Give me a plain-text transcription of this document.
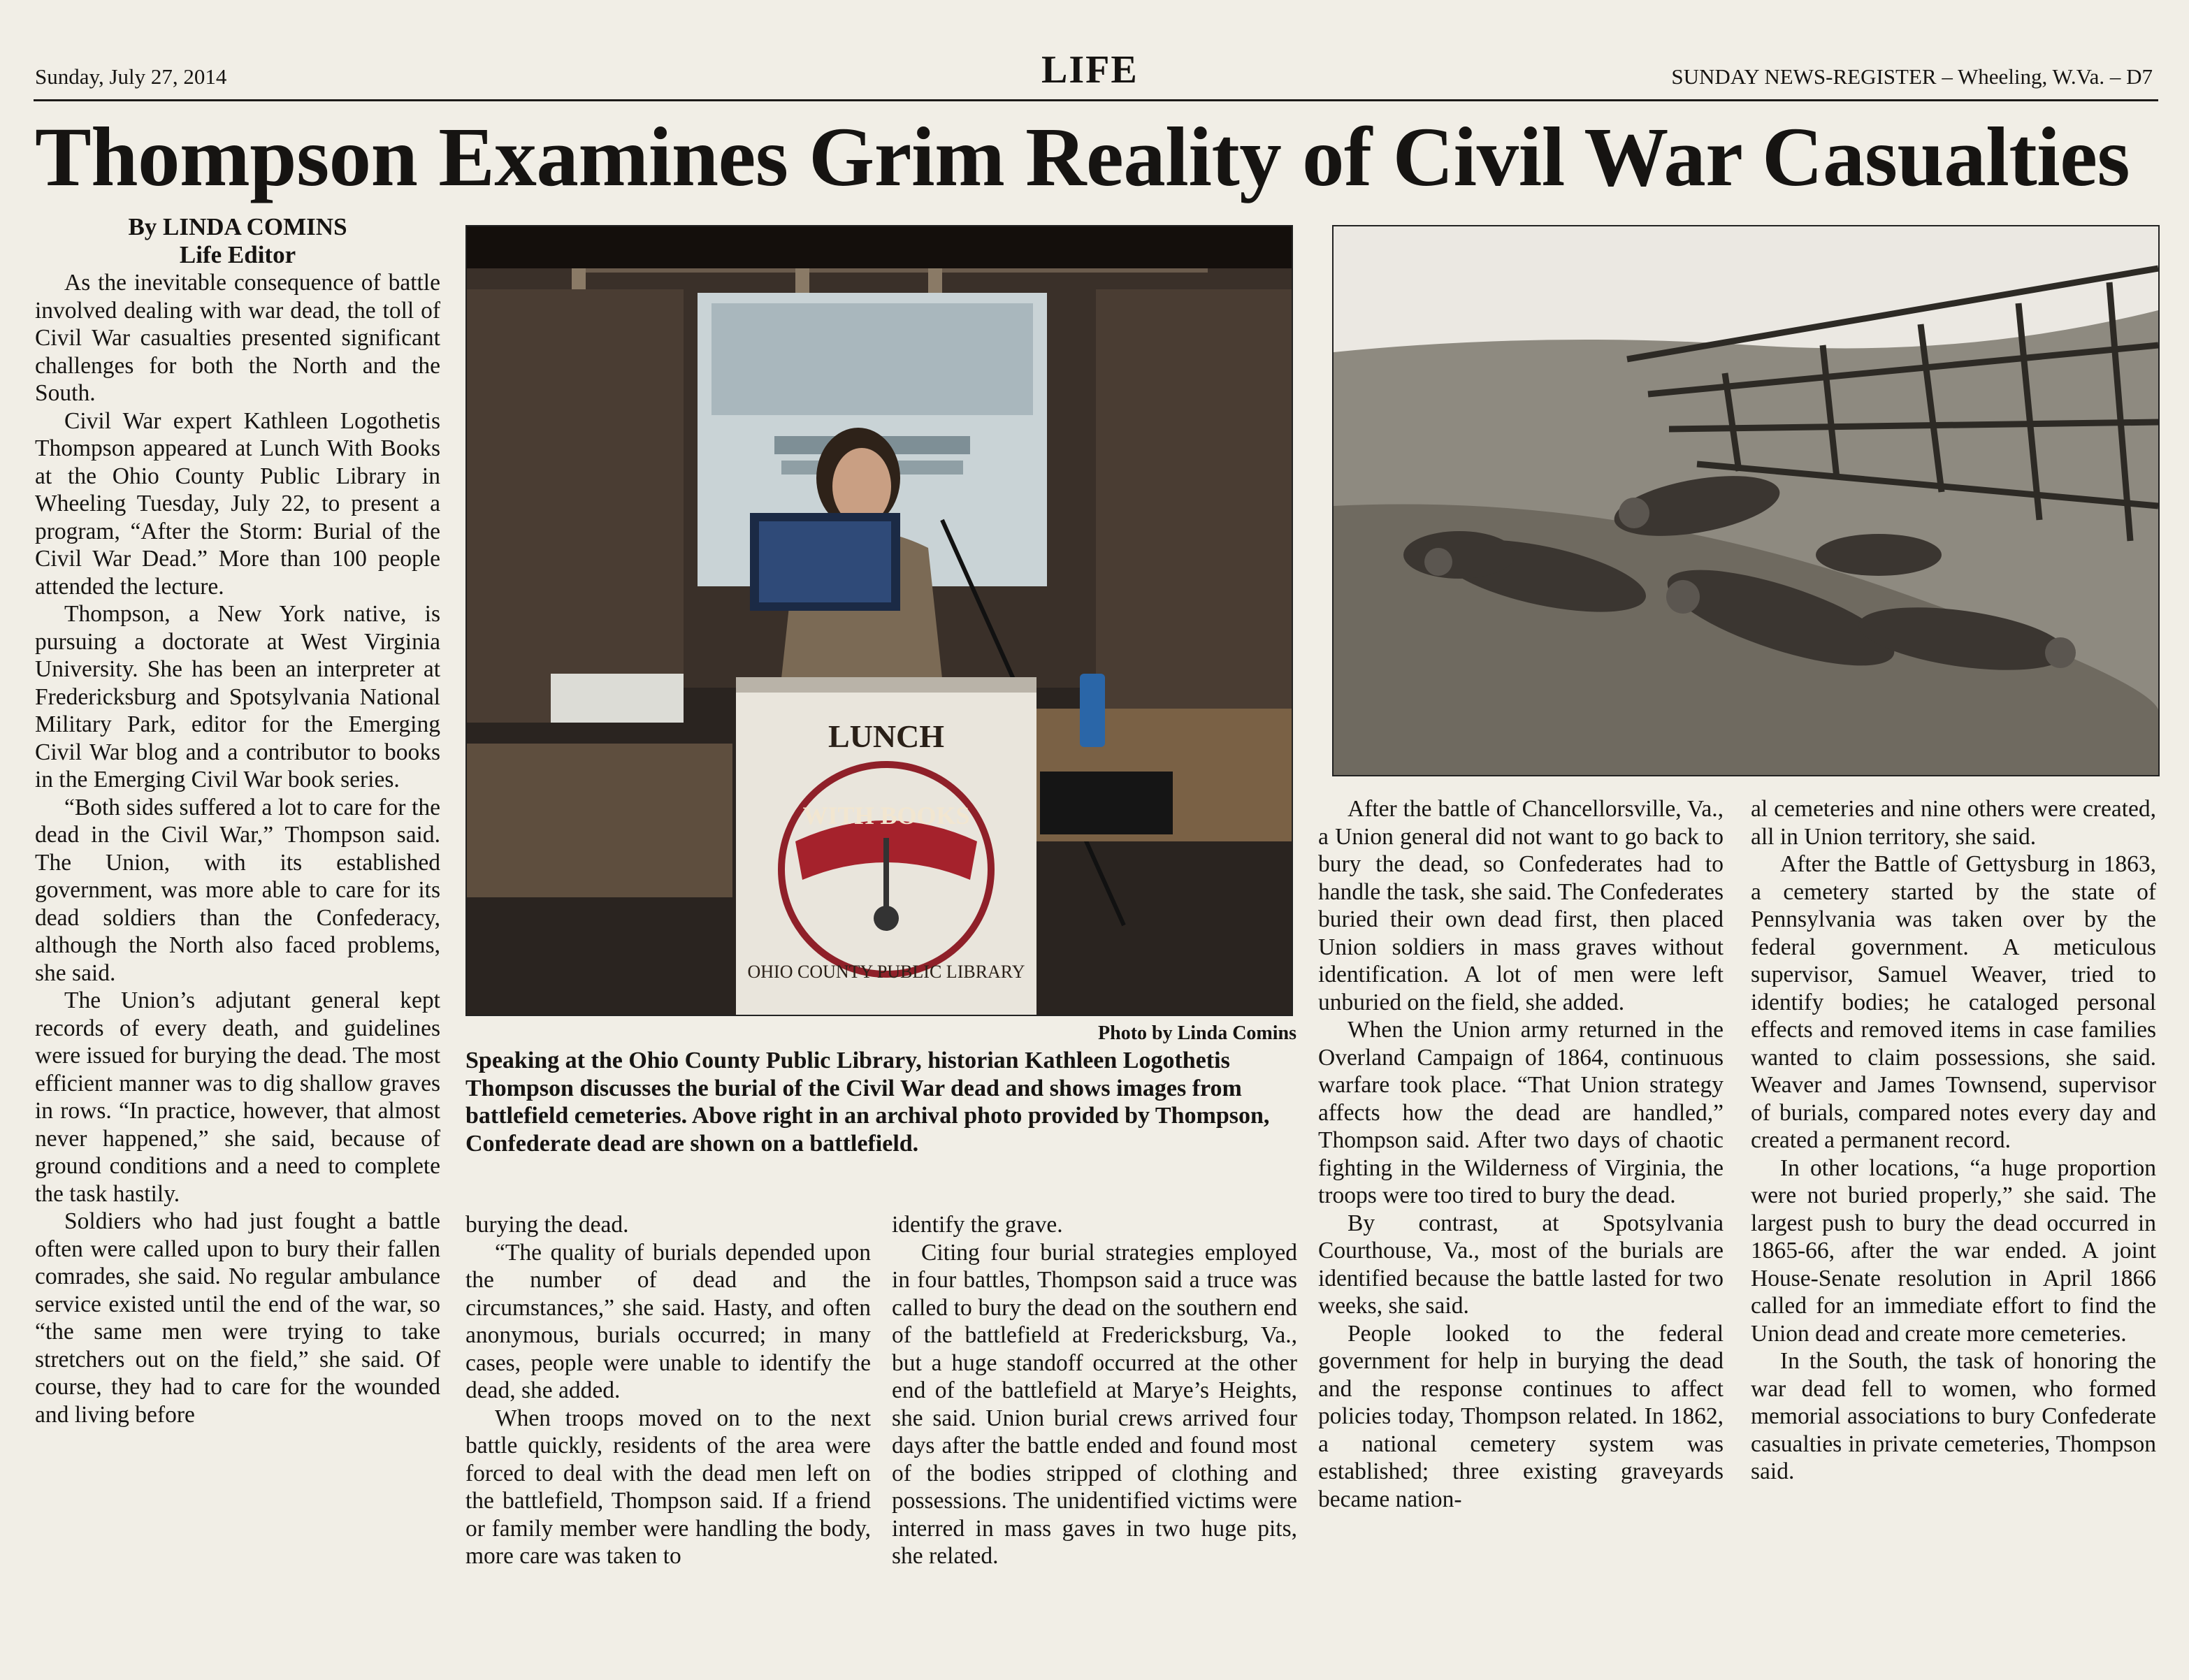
Sunday, July 27, 2014	LIFE	SUNDAY NEWS-REGISTER – Wheeling, W.Va. – D7
Thompson Examines Grim Reality of Civil War Casualties
By LINDA COMINS
Life Editor

As the inevitable consequence of battle involved dealing with war dead, the toll of Civil War casualties presented significant challenges for both the North and the South.

Civil War expert Kathleen Logothetis Thompson appeared at Lunch With Books at the Ohio County Public Library in Wheeling Tuesday, July 22, to present a program, “After the Storm: Burial of the Civil War Dead.” More than 100 people attended the lecture.

Thompson, a New York native, is pursuing a doctorate at West Virginia University. She has been an interpreter at Fredericksburg and Spotsylvania National Military Park, editor for the Emerging Civil War blog and a contributor to books in the Emerging Civil War book series.

“Both sides suffered a lot to care for the dead in the Civil War,” Thompson said. The Union, with its established government, was more able to care for its dead soldiers than the Confederacy, although the North also faced problems, she said.

The Union’s adjutant general kept records of every death, and guidelines were issued for burying the dead. The most efficient manner was to dig shallow graves in rows. “In practice, however, that almost never happened,” she said, because of ground conditions and a need to complete the task hastily.

Soldiers who had just fought a battle often were called upon to bury their fallen comrades, she said. No regular ambulance service existed until the end of the war, so “the same men were trying to take stretchers out on the field,” she said. Of course, they had to care for the wounded and living before

LUNCH
WITH BOOKS
OHIO COUNTY PUBLIC LIBRARY
Photo by Linda Comins
Speaking at the Ohio County Public Library, historian Kathleen Logothetis Thompson discusses the burial of the Civil War dead and shows images from battlefield cemeteries. Above right in an archival photo provided by Thompson, Confederate dead are shown on a battlefield.

burying the dead.

“The quality of burials depended upon the number of dead and the circumstances,” she said. Hasty, and often anonymous, burials occurred; in many cases, people were unable to identify the dead, she added.

When troops moved on to the next battle quickly, residents of the area were forced to deal with the dead men left on the battlefield, Thompson said. If a friend or family member were handling the body, more care was taken to

identify the grave.

Citing four burial strategies employed in four battles, Thompson said a truce was called to bury the dead on the southern end of the battlefield at Fredericksburg, Va., but a huge standoff occurred at the other end of the battlefield at Marye’s Heights, she said. Union burial crews arrived four days after the battle ended and found most of the bodies stripped of clothing and possessions. The unidentified victims were interred in mass gaves in two huge pits, she related.

After the battle of Chancellorsville, Va., a Union general did not want to go back to bury the dead, so Confederates had to handle the task, she said. The Confederates buried their own dead first, then placed Union soldiers in mass graves without identification. A lot of men were left unburied on the field, she added.

When the Union army returned in the Overland Campaign of 1864, continuous warfare took place. “That Union strategy affects how the dead are handled,” Thompson said. After two days of chaotic fighting in the Wilderness of Virginia, the troops were too tired to bury the dead.

By contrast, at Spotsylvania Courthouse, Va., most of the burials are identified because the battle lasted for two weeks, she said.

People looked to the federal government for help in burying the dead and the response continues to affect policies today, Thompson related. In 1862, a national cemetery system was established; three existing graveyards became nation-

al cemeteries and nine others were created, all in Union territory, she said.

After the Battle of Gettysburg in 1863, a cemetery started by the state of Pennsylvania was taken over by the federal government. A meticulous supervisor, Samuel Weaver, tried to identify bodies; he cataloged personal effects and removed items in case families wanted to claim possessions, she said. Weaver and James Townsend, supervisor of burials, compared notes every day and created a permanent record.

In other locations, “a huge proportion were not buried properly,” she said. The largest push to bury the dead occurred in 1865-66, after the war ended. A joint House-Senate resolution in April 1866 called for an immediate effort to find the Union dead and create more cemeteries.

In the South, the task of honoring the war dead fell to women, who formed memorial associations to bury Confederate casualties in private cemeteries, Thompson said.
